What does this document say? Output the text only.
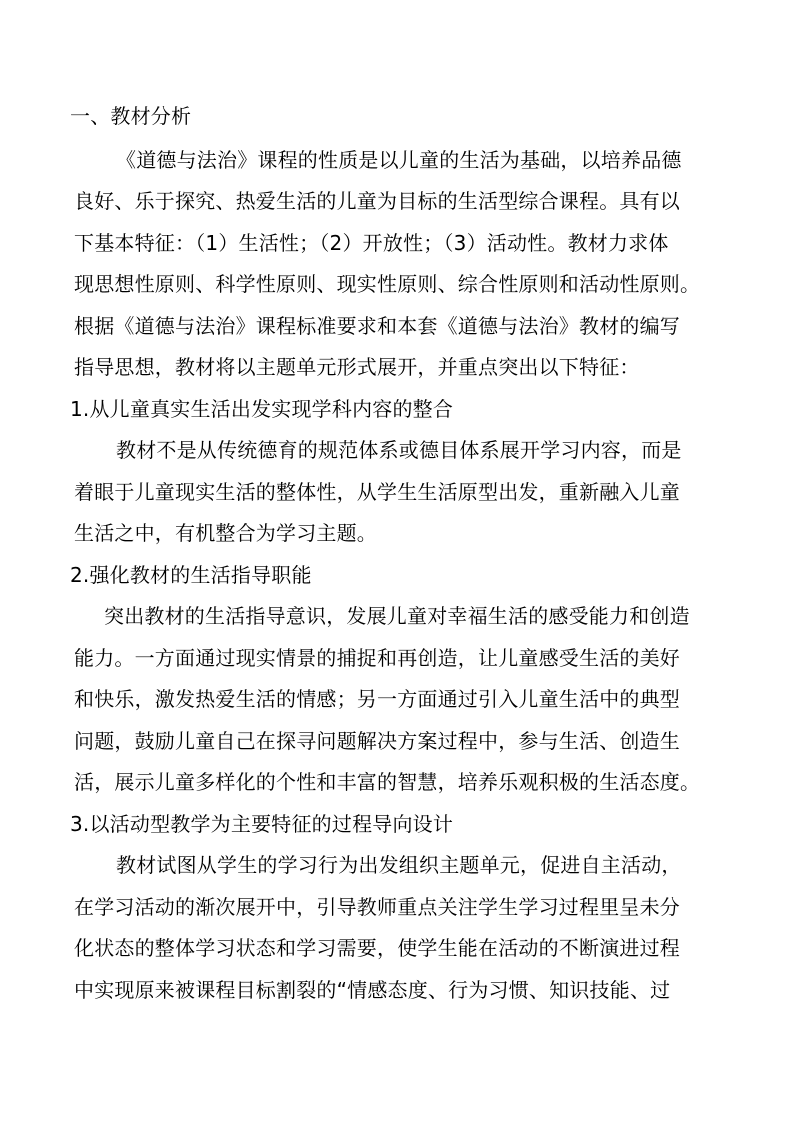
一、教材分析
《道德与法治》课程的性质是以儿童的生活为基础，以培养品德
良好、乐于探究、热爱生活的儿童为目标的生活型综合课程。具有以
下基本特征：（1）生活性；（2）开放性；（3）活动性。教材力求体
现思想性原则、科学性原则、现实性原则、综合性原则和活动性原则。
根据《道德与法治》课程标准要求和本套《道德与法治》教材的编写
指导思想，教材将以主题单元形式展开，并重点突出以下特征：
1.从儿童真实生活出发实现学科内容的整合
教材不是从传统德育的规范体系或德目体系展开学习内容，而是
着眼于儿童现实生活的整体性，从学生生活原型出发，重新融入儿童
生活之中，有机整合为学习主题。
2.强化教材的生活指导职能
突出教材的生活指导意识，发展儿童对幸福生活的感受能力和创造
能力。一方面通过现实情景的捕捉和再创造，让儿童感受生活的美好
和快乐，激发热爱生活的情感；另一方面通过引入儿童生活中的典型
问题，鼓励儿童自己在探寻问题解决方案过程中，参与生活、创造生
活，展示儿童多样化的个性和丰富的智慧，培养乐观积极的生活态度。
3.以活动型教学为主要特征的过程导向设计
教材试图从学生的学习行为出发组织主题单元，促进自主活动，
在学习活动的渐次展开中，引导教师重点关注学生学习过程里呈未分
化状态的整体学习状态和学习需要，使学生能在活动的不断演进过程
中实现原来被课程目标割裂的“情感态度、行为习惯、知识技能、过
